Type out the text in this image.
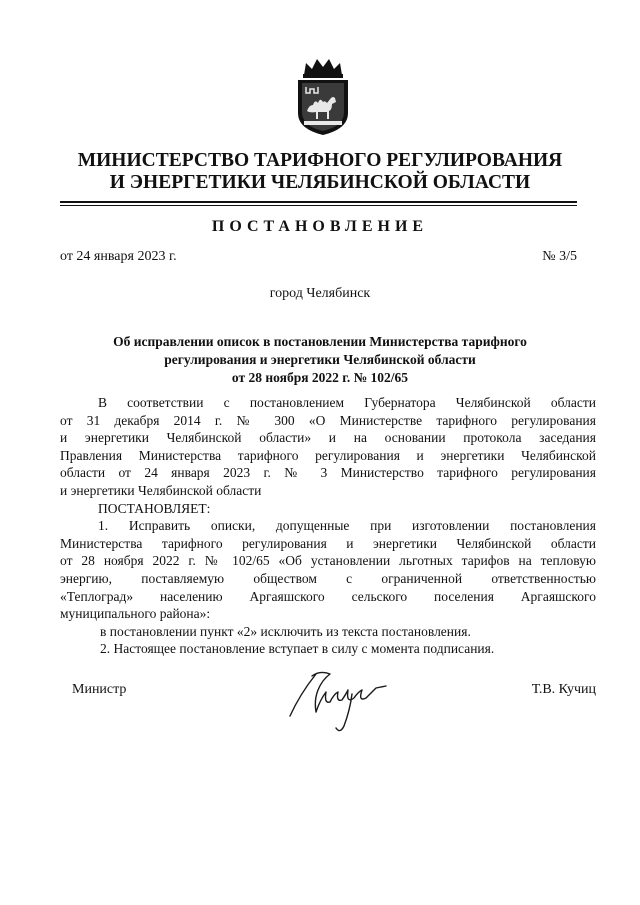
МИНИСТЕРСТВО ТАРИФНОГО РЕГУЛИРОВАНИЯ
И ЭНЕРГЕТИКИ ЧЕЛЯБИНСКОЙ ОБЛАСТИ
ПОСТАНОВЛЕНИЕ
от 24 января 2023 г.	№ 3/5
город Челябинск
Об исправлении описок в постановлении Министерства тарифного
регулирования и энергетики Челябинской области
от 28 ноября 2022 г. № 102/65
В соответствии с постановлением Губернатора Челябинской области
от 31 декабря 2014 г. № 300 «О Министерстве тарифного регулирования
и энергетики Челябинской области» и на основании протокола заседания
Правления Министерства тарифного регулирования и энергетики Челябинской
области от 24 января 2023 г. № 3 Министерство тарифного регулирования
и энергетики Челябинской области
ПОСТАНОВЛЯЕТ:
1. Исправить описки, допущенные при изготовлении постановления
Министерства тарифного регулирования и энергетики Челябинской области
от 28 ноября 2022 г. № 102/65 «Об установлении льготных тарифов на тепловую
энергию, поставляемую обществом с ограниченной ответственностью
«Теплоград» населению Аргаяшского сельского поселения Аргаяшского
муниципального района»:
в постановлении пункт «2» исключить из текста постановления.
2. Настоящее постановление вступает в силу с момента подписания.
Министр	Т.В. Кучиц
